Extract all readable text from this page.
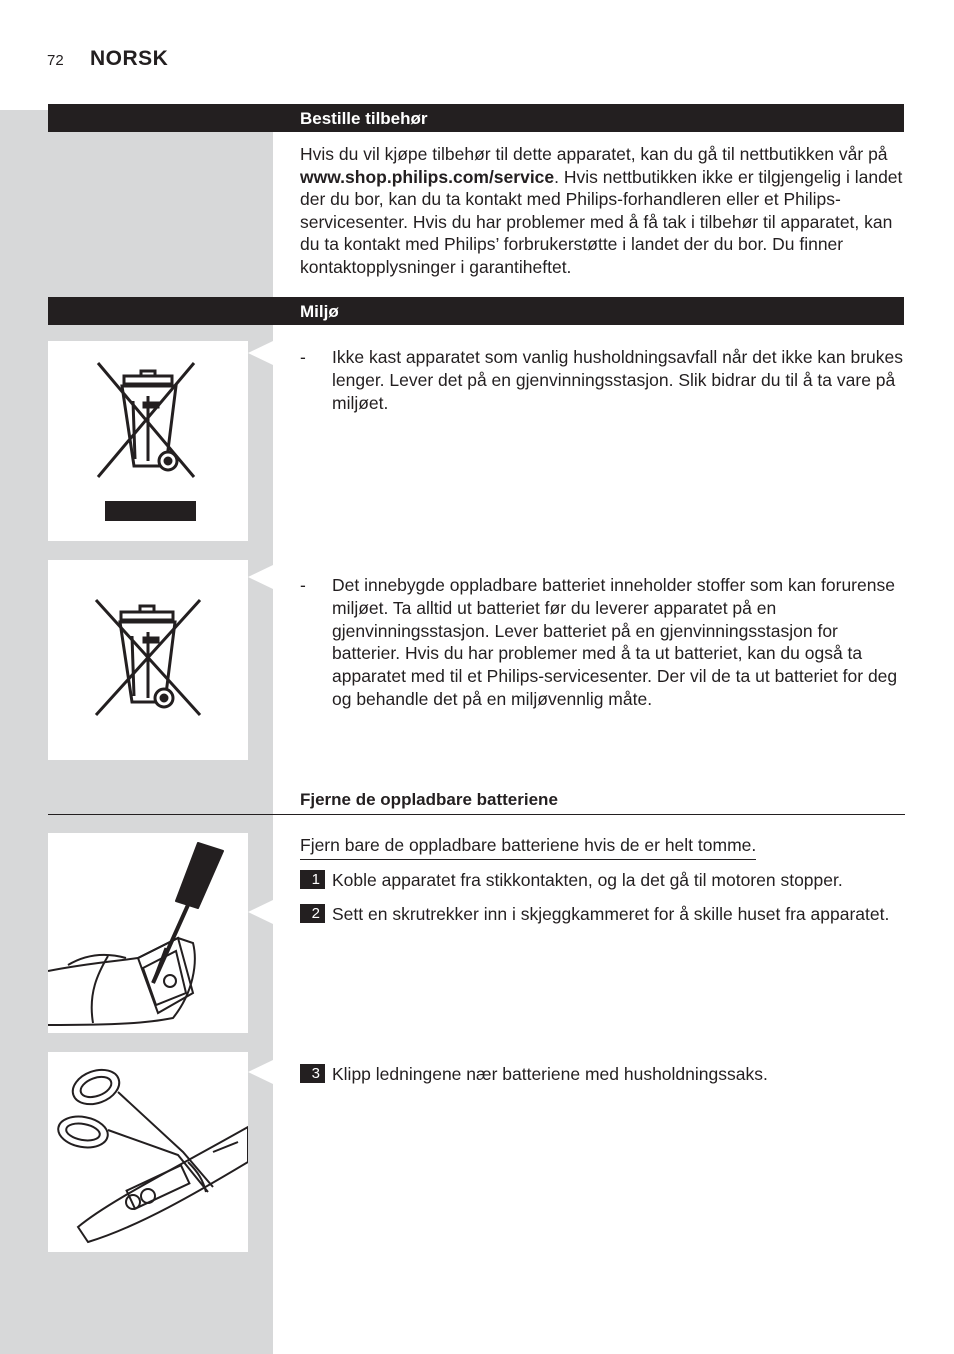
72 NORSK
Bestille tilbehør
Hvis du vil kjøpe tilbehør til dette apparatet, kan du gå til nettbutikken vår på www.shop.philips.com/service. Hvis nettbutikken ikke er tilgjengelig i landet der du bor, kan du ta kontakt med Philips-forhandleren eller et Philips-servicesenter. Hvis du har problemer med å få tak i tilbehør til apparatet, kan du ta kontakt med Philips’ forbrukerstøtte i landet der du bor. Du finner kontaktopplysninger i garantiheftet.
Miljø
- Ikke kast apparatet som vanlig husholdningsavfall når det ikke kan brukes lenger. Lever det på en gjenvinningsstasjon. Slik bidrar du til å ta vare på miljøet.
- Det innebygde oppladbare batteriet inneholder stoffer som kan forurense miljøet. Ta alltid ut batteriet før du leverer apparatet på en gjenvinningsstasjon. Lever batteriet på en gjenvinningsstasjon for batterier. Hvis du har problemer med å ta ut batteriet, kan du også ta apparatet med til et Philips-servicesenter. Der vil de ta ut batteriet for deg og behandle det på en miljøvennlig måte.
Fjerne de oppladbare batteriene
Fjern bare de oppladbare batteriene hvis de er helt tomme.
1 Koble apparatet fra stikkontakten, og la det gå til motoren stopper.
2 Sett en skrutrekker inn i skjeggkammeret for å skille huset fra apparatet.
3 Klipp ledningene nær batteriene med husholdningssaks.
